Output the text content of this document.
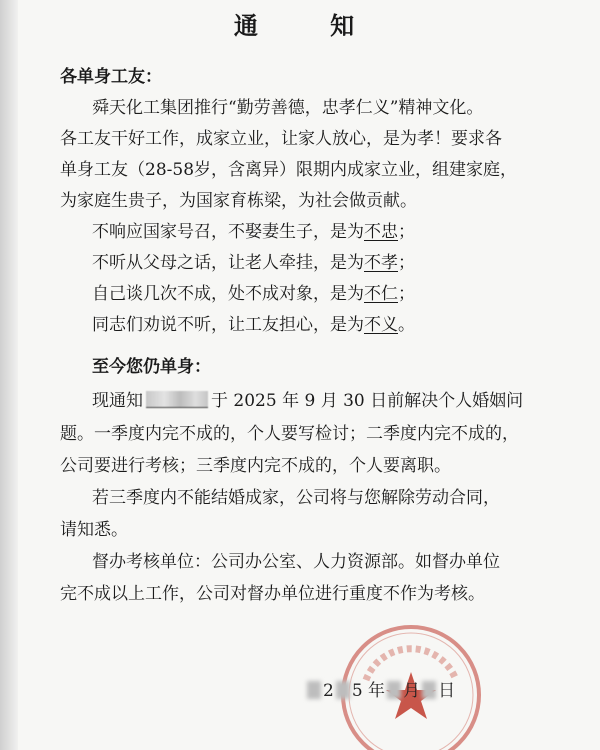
通 知
各单身工友：
舜天化工集团推行“勤劳善德，忠孝仁义”精神文化。
各工友干好工作，成家立业，让家人放心，是为孝！要求各
单身工友（28-58岁，含离异）限期内成家立业，组建家庭，
为家庭生贵子，为国家育栋梁，为社会做贡献。
不响应国家号召，不娶妻生子，是为不忠；
不听从父母之话，让老人牵挂，是为不孝；
自己谈几次不成，处不成对象，是为不仁；
同志们劝说不听，让工友担心，是为不义。
至今您仍单身：
现通知	于 2025 年 9 月 30 日前解决个人婚姻问
题。一季度内完不成的，个人要写检讨；二季度内完不成的，
公司要进行考核；三季度内完不成的，个人要离职。
若三季度内不能结婚成家，公司将与您解除劳动合同，
请知悉。
督办考核单位：公司办公室、人力资源部。如督办单位
完不成以上工作，公司对督办单位进行重度不作为考核。
2 5 年 月 日
